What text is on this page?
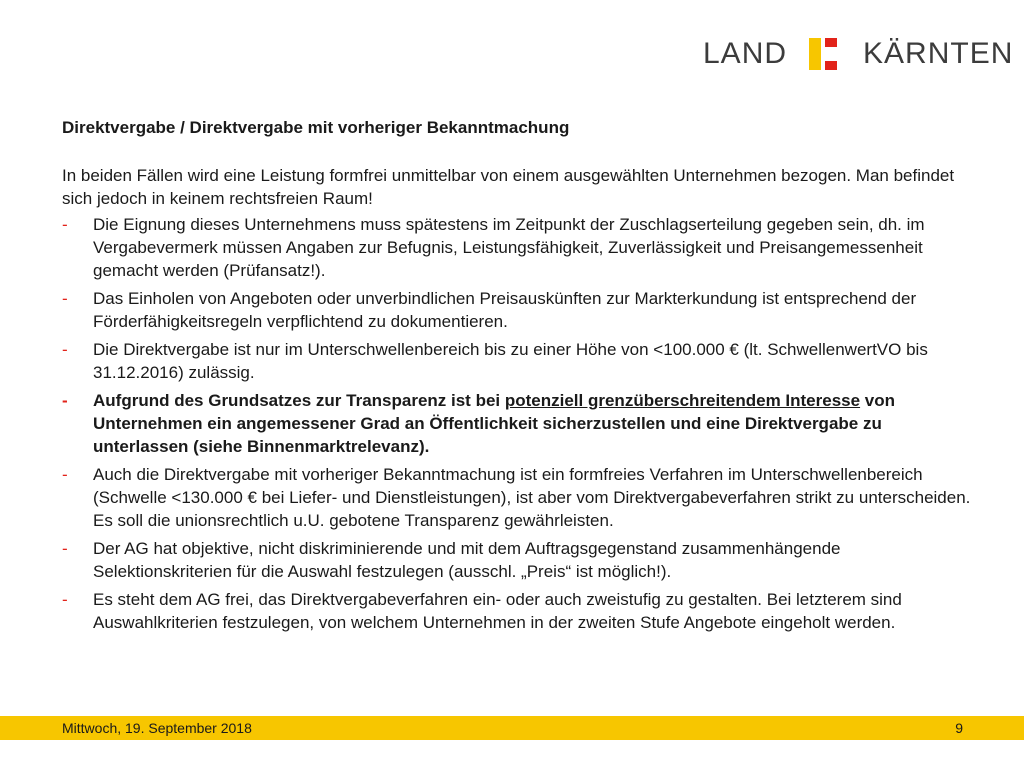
LAND	KÄRNTEN
Direktvergabe / Direktvergabe mit vorheriger Bekanntmachung
In beiden Fällen wird eine Leistung formfrei unmittelbar von einem ausgewählten Unternehmen bezogen. Man befindet sich jedoch in keinem rechtsfreien Raum!
- Die Eignung dieses Unternehmens muss spätestens im Zeitpunkt der Zuschlagserteilung gegeben sein, dh. im Vergabevermerk müssen Angaben zur Befugnis, Leistungsfähigkeit, Zuverlässigkeit und Preisangemessenheit gemacht werden (Prüfansatz!).
- Das Einholen von Angeboten oder unverbindlichen Preisauskünften zur Markterkundung ist entsprechend der Förderfähigkeitsregeln verpflichtend zu dokumentieren.
- Die Direktvergabe ist nur im Unterschwellenbereich bis zu einer Höhe von <100.000 € (lt. SchwellenwertVO bis 31.12.2016) zulässig.
- Aufgrund des Grundsatzes zur Transparenz ist bei potenziell grenzüberschreitendem Interesse von Unternehmen ein angemessener Grad an Öffentlichkeit sicherzustellen und eine Direktvergabe zu unterlassen (siehe Binnenmarktrelevanz).
- Auch die Direktvergabe mit vorheriger Bekanntmachung ist ein formfreies Verfahren im Unterschwellenbereich (Schwelle <130.000 € bei Liefer- und Dienstleistungen), ist aber vom Direktvergabeverfahren strikt zu unterscheiden. Es soll die unionsrechtlich u.U. gebotene Transparenz gewährleisten.
- Der AG hat objektive, nicht diskriminierende und mit dem Auftragsgegenstand zusammenhängende Selektionskriterien für die Auswahl festzulegen (ausschl. „Preis“ ist möglich!).
- Es steht dem AG frei, das Direktvergabeverfahren ein- oder auch zweistufig zu gestalten. Bei letzterem sind Auswahlkriterien festzulegen, von welchem Unternehmen in der zweiten Stufe Angebote eingeholt werden.
Mittwoch, 19. September 2018	9
